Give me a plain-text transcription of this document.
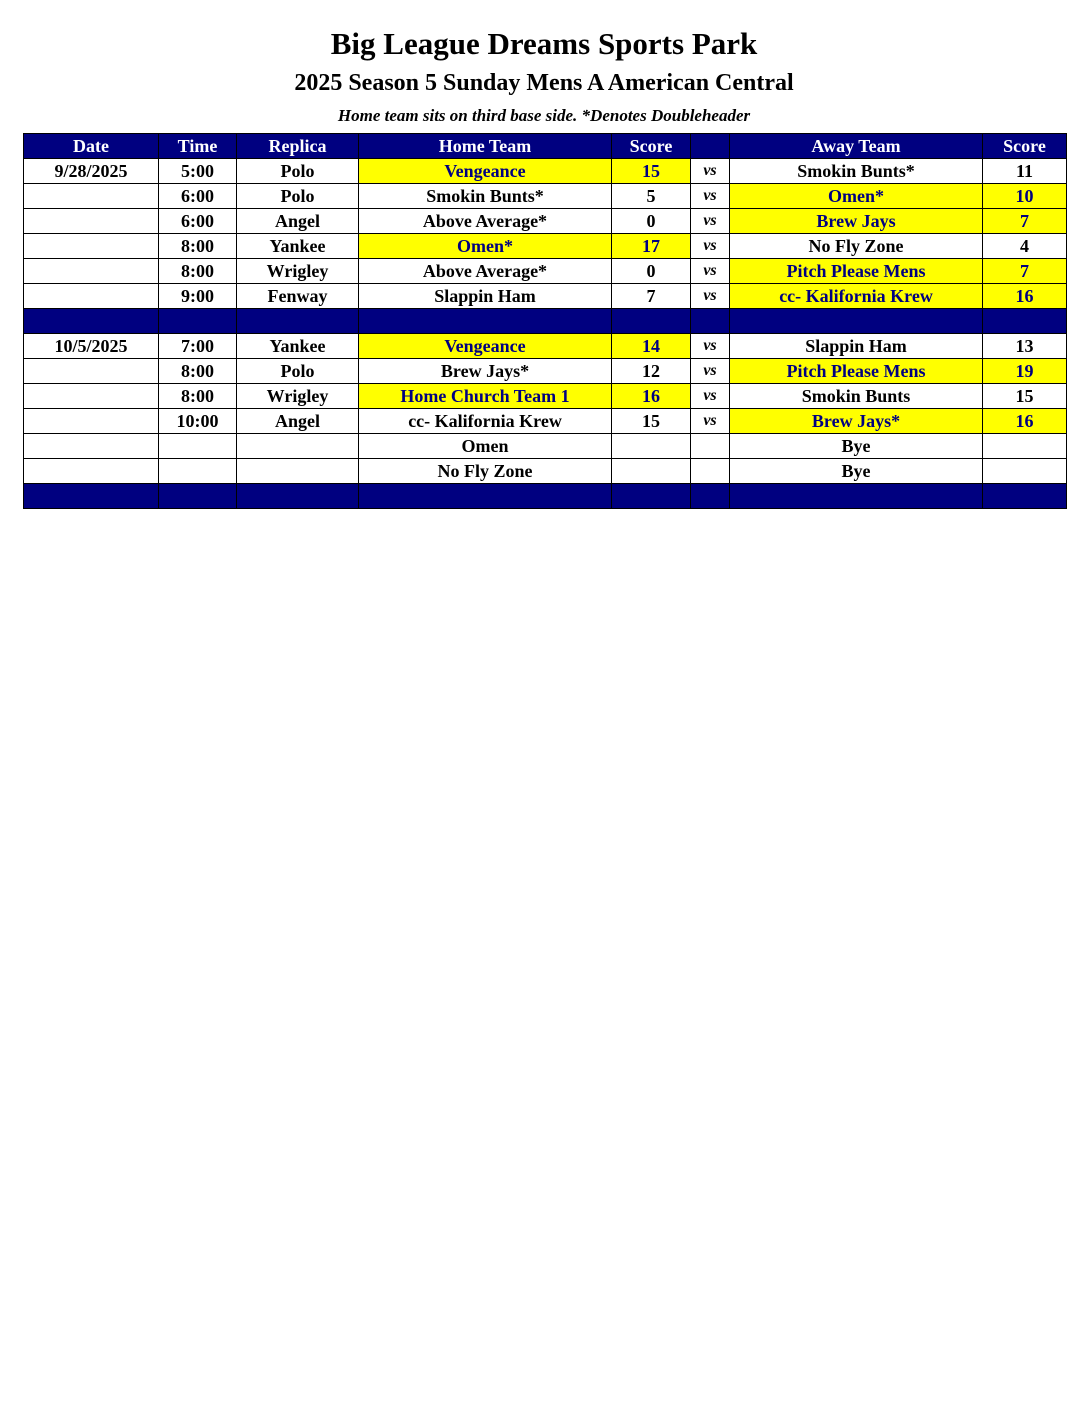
Big League Dreams Sports Park
2025 Season 5 Sunday Mens A American Central
Home team sits on third base side. *Denotes Doubleheader
Date	Time	Replica	Home Team	Score		Away Team	Score
9/28/2025	5:00	Polo	Vengeance	15	vs	Smokin Bunts*	11
	6:00	Polo	Smokin Bunts*	5	vs	Omen*	10
	6:00	Angel	Above Average*	0	vs	Brew Jays	7
	8:00	Yankee	Omen*	17	vs	No Fly Zone	4
	8:00	Wrigley	Above Average*	0	vs	Pitch Please Mens	7
	9:00	Fenway	Slappin Ham	7	vs	cc- Kalifornia Krew	16

10/5/2025	7:00	Yankee	Vengeance	14	vs	Slappin Ham	13
	8:00	Polo	Brew Jays*	12	vs	Pitch Please Mens	19
	8:00	Wrigley	Home Church Team 1	16	vs	Smokin Bunts	15
	10:00	Angel	cc- Kalifornia Krew	15	vs	Brew Jays*	16
			Omen			Bye	
			No Fly Zone			Bye	
